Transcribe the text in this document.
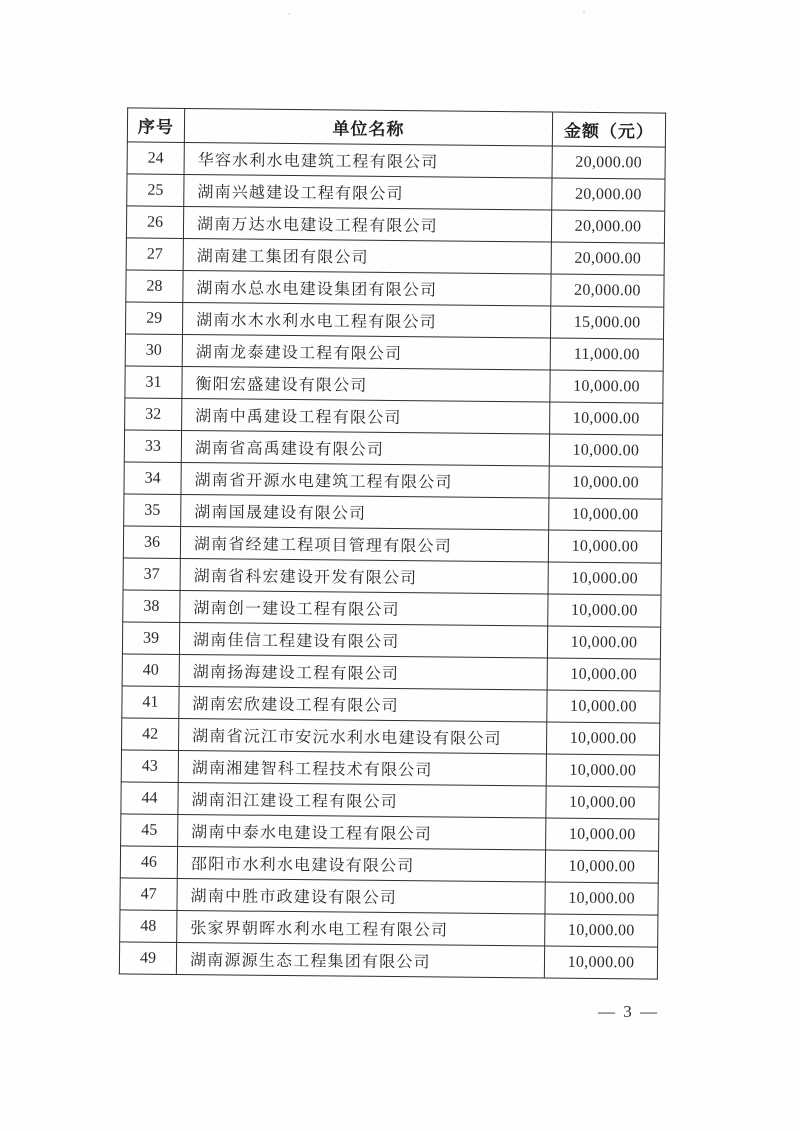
序号	单位名称	金额（元）
24	华容水利水电建筑工程有限公司	20,000.00
25	湖南兴越建设工程有限公司	20,000.00
26	湖南万达水电建设工程有限公司	20,000.00
27	湖南建工集团有限公司	20,000.00
28	湖南水总水电建设集团有限公司	20,000.00
29	湖南水木水利水电工程有限公司	15,000.00
30	湖南龙泰建设工程有限公司	11,000.00
31	衡阳宏盛建设有限公司	10,000.00
32	湖南中禹建设工程有限公司	10,000.00
33	湖南省高禹建设有限公司	10,000.00
34	湖南省开源水电建筑工程有限公司	10,000.00
35	湖南国晟建设有限公司	10,000.00
36	湖南省经建工程项目管理有限公司	10,000.00
37	湖南省科宏建设开发有限公司	10,000.00
38	湖南创一建设工程有限公司	10,000.00
39	湖南佳信工程建设有限公司	10,000.00
40	湖南扬海建设工程有限公司	10,000.00
41	湖南宏欣建设工程有限公司	10,000.00
42	湖南省沅江市安沅水利水电建设有限公司	10,000.00
43	湖南湘建智科工程技术有限公司	10,000.00
44	湖南汨江建设工程有限公司	10,000.00
45	湖南中泰水电建设工程有限公司	10,000.00
46	邵阳市水利水电建设有限公司	10,000.00
47	湖南中胜市政建设有限公司	10,000.00
48	张家界朝晖水利水电工程有限公司	10,000.00
49	湖南源源生态工程集团有限公司	10,000.00
— 3 —
